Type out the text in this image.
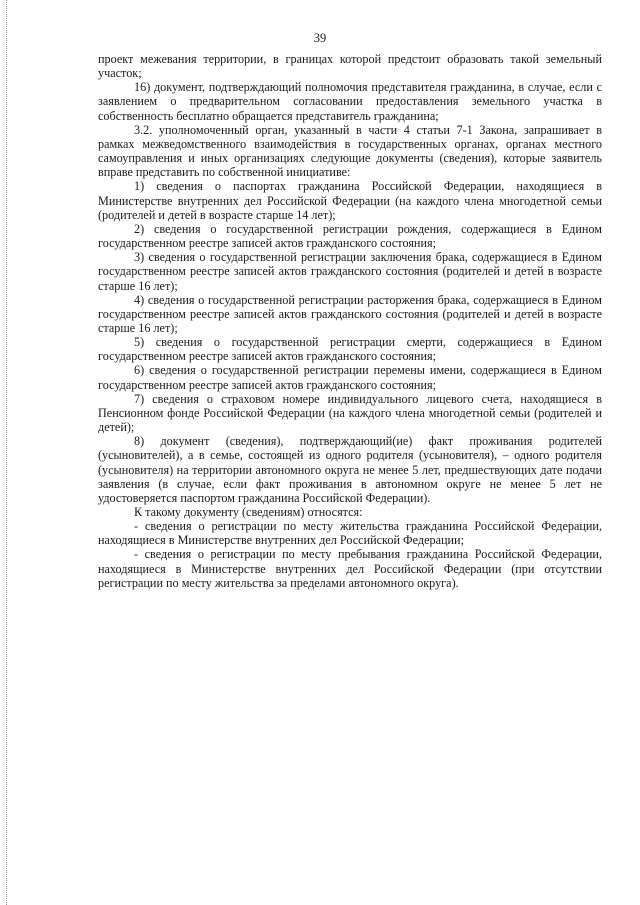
39

проект межевания территории, в границах которой предстоит образовать такой земельный участок;

16) документ, подтверждающий полномочия представителя гражданина, в случае, если с заявлением о предварительном согласовании предоставления земельного участка в собственность бесплатно обращается представитель гражданина;

3.2. уполномоченный орган, указанный в части 4 статьи 7-1 Закона, запрашивает в рамках межведомственного взаимодействия в государственных органах, органах местного самоуправления и иных организациях следующие документы (сведения), которые заявитель вправе представить по собственной инициативе:

1) сведения о паспортах гражданина Российской Федерации, находящиеся в Министерстве внутренних дел Российской Федерации (на каждого члена многодетной семьи (родителей и детей в возрасте старше 14 лет);

2) сведения о государственной регистрации рождения, содержащиеся в Едином государственном реестре записей актов гражданского состояния;

3) сведения о государственной регистрации заключения брака, содержащиеся в Едином государственном реестре записей актов гражданского состояния (родителей и детей в возрасте старше 16 лет);

4) сведения о государственной регистрации расторжения брака, содержащиеся в Едином государственном реестре записей актов гражданского состояния (родителей и детей в возрасте старше 16 лет);

5) сведения о государственной регистрации смерти, содержащиеся в Едином государственном реестре записей актов гражданского состояния;

6) сведения о государственной регистрации перемены имени, содержащиеся в Едином государственном реестре записей актов гражданского состояния;

7) сведения о страховом номере индивидуального лицевого счета, находящиеся в Пенсионном фонде Российской Федерации (на каждого члена многодетной семьи (родителей и детей);

8) документ (сведения), подтверждающий(ие) факт проживания родителей (усыновителей), а в семье, состоящей из одного родителя (усыновителя), – одного родителя (усыновителя) на территории автономного округа не менее 5 лет, предшествующих дате подачи заявления (в случае, если факт проживания в автономном округе не менее 5 лет не удостоверяется паспортом гражданина Российской Федерации).

К такому документу (сведениям) относятся:

- сведения о регистрации по месту жительства гражданина Российской Федерации, находящиеся в Министерстве внутренних дел Российской Федерации;

- сведения о регистрации по месту пребывания гражданина Российской Федерации, находящиеся в Министерстве внутренних дел Российской Федерации (при отсутствии регистрации по месту жительства за пределами автономного округа).
